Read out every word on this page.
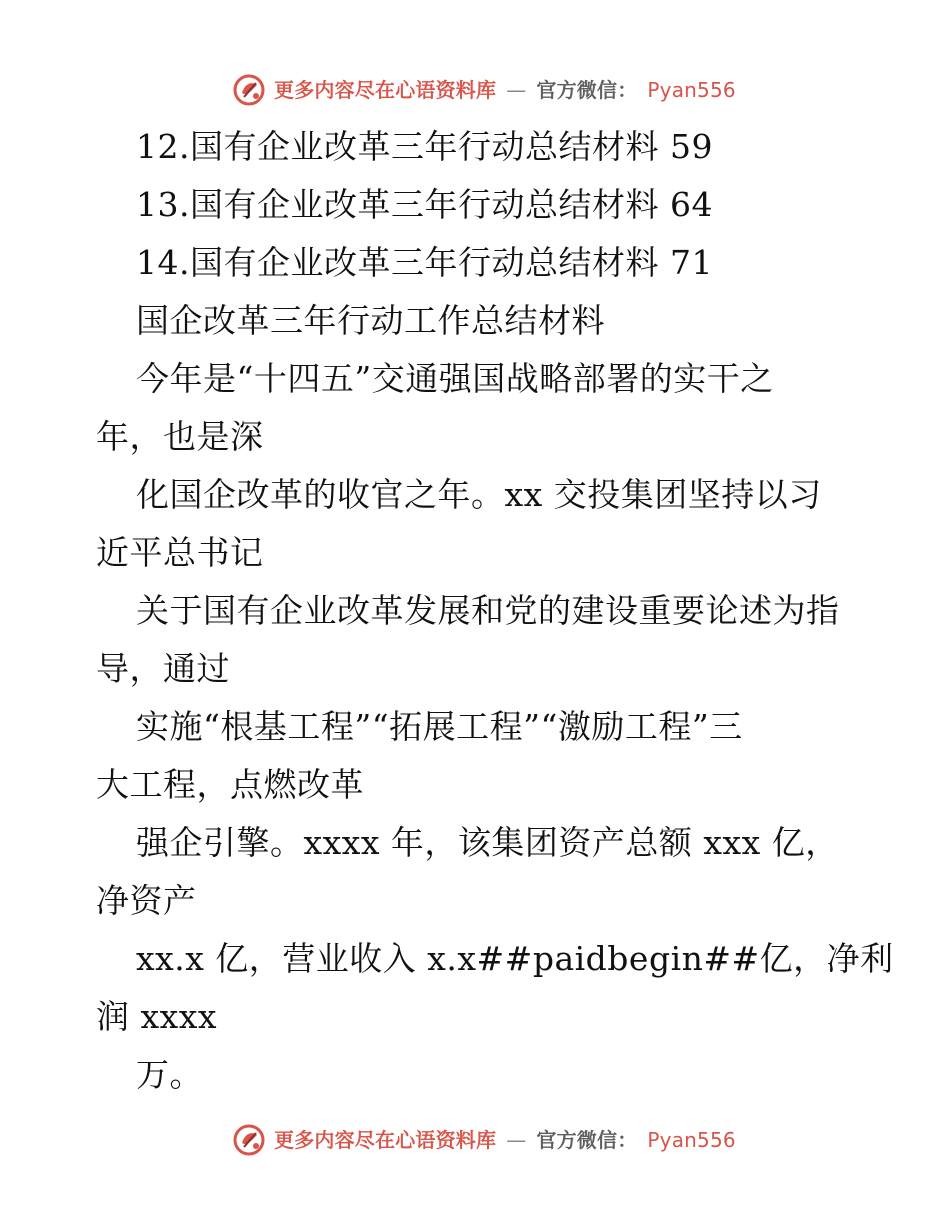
更多内容尽在心语资料库 — 官方微信： Pyan556
12.国有企业改革三年行动总结材料 59
13.国有企业改革三年行动总结材料 64
14.国有企业改革三年行动总结材料 71
国企改革三年行动工作总结材料
今年是“十四五”交通强国战略部署的实干之
年，也是深
化国企改革的收官之年。xx 交投集团坚持以习
近平总书记
关于国有企业改革发展和党的建设重要论述为指
导，通过
实施“根基工程”“拓展工程”“激励工程”三
大工程，点燃改革
强企引擎。xxxx 年，该集团资产总额 xxx 亿，
净资产
xx.x 亿，营业收入 x.x##paidbegin##亿，净利
润 xxxx
万。
更多内容尽在心语资料库 — 官方微信： Pyan556
